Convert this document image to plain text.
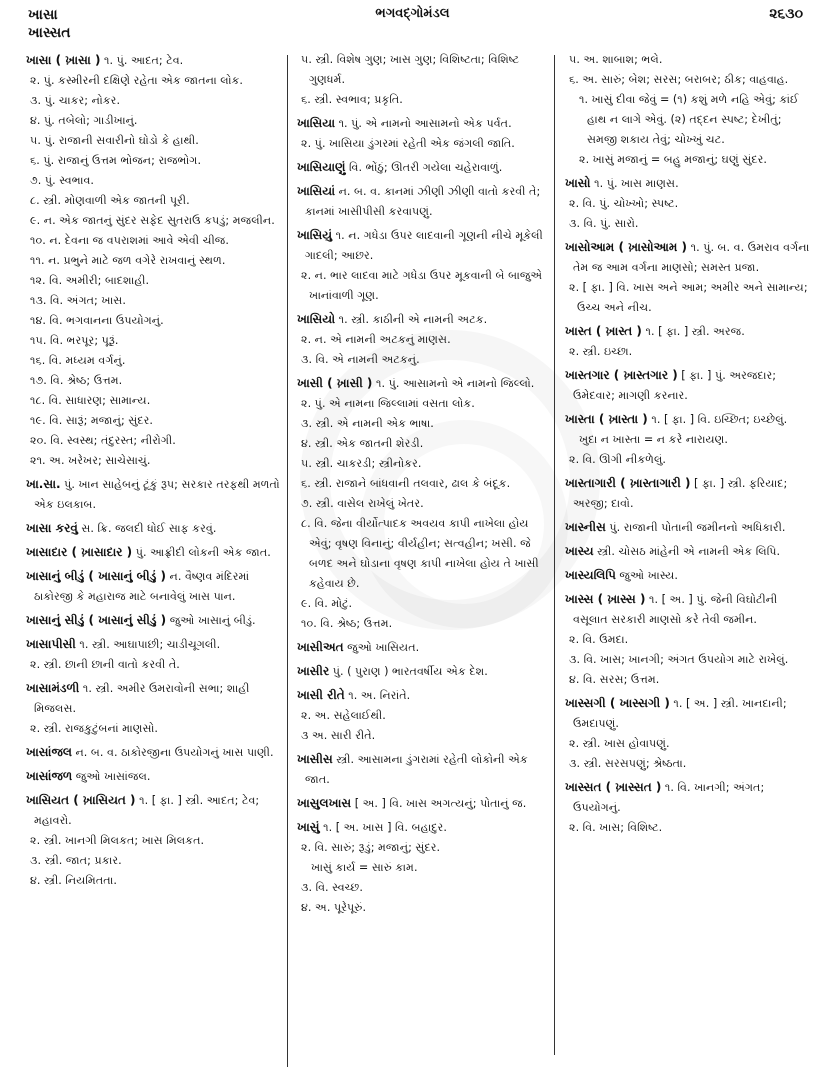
ખાસા
ખાસ્સત
ભગવદ્ગોમંડલ	૨૬૩૦
ખાસા ( ખ઼ાસા ) ૧. પું. આદત; ટેવ.
૨. પું. કસ્મીરની દક્ષિણે રહેતા એક જાતના લોક.
૩. પું. ચાકર; નોકર.
૪. પું. તબેલો; ગાડીખાનું.
૫. પું. રાજાની સવારીનો ઘોડો કે હાથી.
૬. પું. રાજાનું ઉત્તમ ભોજન; રાજભોગ.
૭. પું. સ્વભાવ.
૮. સ્ત્રી. મોણવાળી એક જાતની પૂરી.
૯. ન. એક જાતનું સુંદર સફેદ સુતરાઉ કપડું; મજલીન.
૧૦. ન. દેવના જ વપરાશમાં આવે એવી ચીજ.
૧૧. ન. પ્રભુને માટે જળ વગેરે રાખવાનું સ્થળ.
૧૨. વિ. અમીરી; બાદશાહી.
૧૩. વિ. અંગત; ખાસ.
૧૪. વિ. ભગવાનના ઉપયોગનું.
૧૫. વિ. ભરપૂર; પૂરૂં.
૧૬. વિ. મધ્યમ વર્ગનું.
૧૭. વિ. શ્રેષ્ઠ; ઉત્તમ.
૧૮. વિ. સાધારણ; સામાન્ય.
૧૯. વિ. સારૂં; મજાનું; સુંદર.
૨૦. વિ. સ્વસ્થ; તંદુરસ્ત; નીરોગી.
૨૧. અ. ખરેખર; સાચેસાચું.
ખા.સા. પું. ખાન સાહેબનું ટૂંકું રૂપ; સરકાર તરફથી મળતો એક ઇલકાબ.
ખાસા કરવું સ. ક્રિ. જલદી ધોઈ સાફ કરવું.
ખાસાદાર ( ખ઼ાસાદાર ) પું. આફ્રીદી લોકની એક જાત.
ખાસાનું બીડું ( ખાસાનું બીડું ) ન. વૈષ્ણવ મંદિરમાં ઠાકોરજી કે મહારાજ માટે બનાવેલું ખાસ પાન.
ખાસાનું સીડું ( ખાસાનું સીડું ) જુઓ ખાસાનું બીડું.
ખાસાપીસી ૧. સ્ત્રી. આઘાપાછી; ચાડીચૂગલી.
૨. સ્ત્રી. છાની છાની વાતો કરવી તે.
ખાસામંડળી ૧. સ્ત્રી. અમીર ઉમરાવોની સભા; શાહી મિજલસ.
૨. સ્ત્રી. રાજકુટુંબનાં માણસો.
ખાસાંજલ ન. બ. વ. ઠાકોરજીના ઉપયોગનું ખાસ પાણી.
ખાસાંજળ જુઓ ખાસાંજલ.
ખાસિયત ( ખ઼ાસિયત ) ૧. [ ફા. ] સ્ત્રી. આદત; ટેવ; મહાવરો.
૨. સ્ત્રી. ખાનગી મિલકત; ખાસ મિલકત.
૩. સ્ત્રી. જાત; પ્રકાર.
૪. સ્ત્રી. નિયમિતતા.
૫. સ્ત્રી. વિશેષ ગુણ; ખાસ ગુણ; વિશિષ્ટતા; વિશિષ્ટ ગુણધર્મ.
૬. સ્ત્રી. સ્વભાવ; પ્રકૃતિ.
ખાસિયા ૧. પું. એ નામનો આસામનો એક પર્વત.
૨. પું. ખાસિયા ડુંગરમાં રહેતી એક જંગલી જાતિ.
ખાસિયાણું વિ. ભોંઠું; ઊતરી ગયેલા ચહેરાવાળું.
ખાસિયાં ન. બ. વ. કાનમાં ઝીણી ઝીણી વાતો કરવી તે; કાનમાં ખાસીપીસી કરવાપણું.
ખાસિયું ૧. ન. ગધેડા ઉપર લાદવાની ગૂણની નીચે મૂકેલી ગાદલી; આછર.
૨. ન. ભાર લાદવા માટે ગધેડા ઉપર મૂકવાની બે બાજુએ ખાનાંવાળી ગૂણ.
ખાસિયો ૧. સ્ત્રી. કાઠીની એ નામની અટક.
૨. ન. એ નામની અટકનું માણસ.
૩. વિ. એ નામની અટકનું.
ખાસી ( ખ઼ાસી ) ૧. પું. આસામનો એ નામનો જિલ્લો.
૨. પું. એ નામના જિલ્લામાં વસતા લોક.
૩. સ્ત્રી. એ નામની એક ભાષા.
૪. સ્ત્રી. એક જાતની શેરડી.
૫. સ્ત્રી. ચાકરડી; સ્ત્રીનોકર.
૬. સ્ત્રી. રાજાને બાંધવાની તલવાર, ઢાલ કે બંદૂક.
૭. સ્ત્રી. વાસેલ રાખેલું ખેતર.
૮. વિ. જેના વીર્યોત્પાદક અવયવ કાપી નાખેલા હોય એવું; વૃષણ વિનાનું; વીર્યહીન; સત્વહીન; ખસી. જે બળદ અને ઘોડાના વૃષણ કાપી નાખેલા હોય તે ખાસી કહેવાય છે.
૯. વિ. મોટું.
૧૦. વિ. શ્રેષ્ઠ; ઉત્તમ.
ખાસીઅત જુઓ ખાસિયત.
ખાસીર પું. ( પુરાણ ) ભારતવર્ષીય એક દેશ.
ખાસી રીતે ૧. અ. નિરાંતે.
૨. અ. સહેલાઈથી.
૩ અ. સારી રીતે.
ખાસીસ સ્ત્રી. આસામના ડુંગરામાં રહેતી લોકોની એક જાત.
ખાસુલખાસ [ અ. ] વિ. ખાસ અગત્યનું; પોતાનું જ.
ખાસું ૧. [ અ. ખાસ ] વિ. બહાદુર.
૨. વિ. સારું; રૂડું; મજાનું; સુંદર.
ખાસું કાર્ય = સારું કામ.
૩. વિ. સ્વચ્છ.
૪. અ. પૂરેપૂરું.
૫. અ. શાબાશ; ભલે.
૬. અ. સારું; બેશ; સરસ; બરાબર; ઠીક; વાહવાહ.
૧. ખાસું દીવા જેવું = (૧) કશું મળે નહિ એવું; કાંઈ હાથ ન લાગે એવું. (૨) તદ્દન સ્પષ્ટ; દેખીતું; સમજી શકાય તેવું; ચોખ્ખું ચટ.
૨. ખાસું મજાનું = બહુ મજાનું; ઘણું સુંદર.
ખાસો ૧. પું. ખાસ માણસ.
૨. વિ. પું. ચોખ્ખો; સ્પષ્ટ.
૩. વિ. પું. સારો.
ખાસોઆમ ( ખ઼ાસોઆમ ) ૧. પું. બ. વ. ઉમરાવ વર્ગના તેમ જ આમ વર્ગના માણસો; સમસ્ત પ્રજા.
૨. [ ફા. ] વિ. ખાસ અને આમ; અમીર અને સામાન્ય; ઉચ્ચ અને નીચ.
ખાસ્ત ( ખ઼ાસ્ત ) ૧. [ ફા. ] સ્ત્રી. અરજ.
૨. સ્ત્રી. ઇચ્છા.
ખાસ્તગાર ( ખ઼ાસ્તગાર ) [ ફા. ] પું. અરજદાર; ઉમેદવાર; માગણી કરનાર.
ખાસ્તા ( ખ઼ાસ્તા ) ૧. [ ફા. ] વિ. ઇચ્છિત; ઇચ્છેલું.
ખુદા ન ખાસ્તા = ન કરે નારાયણ.
૨. વિ. ઊગી નીકળેલું.
ખાસ્તાગારી ( ખ઼ાસ્તાગારી ) [ ફા. ] સ્ત્રી. ફરિયાદ; અરજી; દાવો.
ખાસ્નીસ પું. રાજાની પોતાની જમીનનો અધિકારી.
ખાસ્ય સ્ત્રી. ચોસઠ માંહેની એ નામની એક લિપિ.
ખાસ્યલિપિ જુઓ ખાસ્ય.
ખાસ્સ ( ખ઼ાસ્સ ) ૧. [ અ. ] પું. જેની વિઘોટીની વસૂલાત સરકારી માણસો કરે તેવી જમીન.
૨. વિ. ઉમદા.
૩. વિ. ખાસ; ખાનગી; અંગત ઉપયોગ માટે રાખેલું.
૪. વિ. સરસ; ઉત્તમ.
ખાસ્સગી ( ખાસ્સગી ) ૧. [ અ. ] સ્ત્રી. ખાનદાની; ઉમદાપણું.
૨. સ્ત્રી. ખાસ હોવાપણું.
૩. સ્ત્રી. સરસપણું; શ્રેષ્ઠતા.
ખાસ્સત ( ખ઼ાસ્સત ) ૧. વિ. ખાનગી; અંગત; ઉપયોગનું.
૨. વિ. ખાસ; વિશિષ્ટ.
